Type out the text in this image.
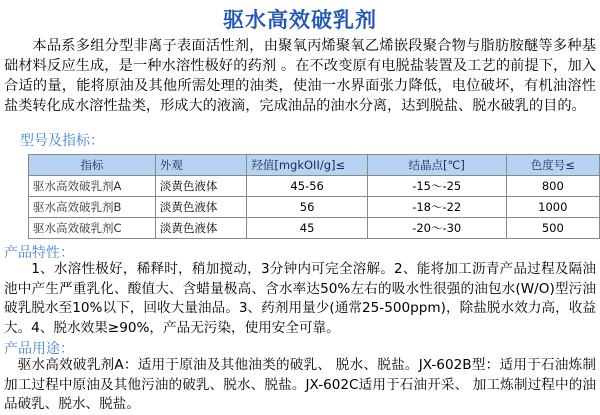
驱水高效破乳剂
本品系多组分型非离子表面活性剂，由聚氧丙烯聚氧乙烯嵌段聚合物与脂肪胺醚等多种基础材料反应生成，是一种水溶性极好的药剂 。在不改变原有电脱盐装置及工艺的前提下，加入合适的量，能将原油及其他所需处理的油类，使油一水界面张力降低，电位破坏，有机油溶性盐类转化成水溶性盐类，形成大的液滴，完成油品的油水分离，达到脱盐、脱水破乳的目的。
型号及指标：
指标	外观	羟值[mgkOII/g]≤	结晶点[℃]	色度号≤
驱水高效破乳剂A	淡黄色液体	45-56	-15～-25	800
驱水高效破乳剂B	淡黄色液体	56	-18～-22	1000
驱水高效破乳剂C	淡黄色液体	45	-20～-30	500
产品特性：
1、水溶性极好，稀释时，稍加搅动，3分钟内可完全溶解。2、能将加工沥青产品过程及隔油池中产生严重乳化、酸值大、含蜡量极高、含水率达50%左右的吸水性很强的油包水(W/O)型污油破乳脱水至10%以下，回收大量油品。3、药剂用量少(通常25-500ppm)，除盐脱水效力高，收益大。4、脱水效果≥90%，产品无污染，使用安全可靠。
产品用途：
驱水高效破乳剂A：适用于原油及其他油类的破乳、 脱水、脱盐。JX-602B型：适用于石油炼制加工过程中原油及其他污油的破乳、脱水、脱盐。JX-602C适用于石油开采、 加工炼制过程中的油品破乳、脱水、脱盐。
